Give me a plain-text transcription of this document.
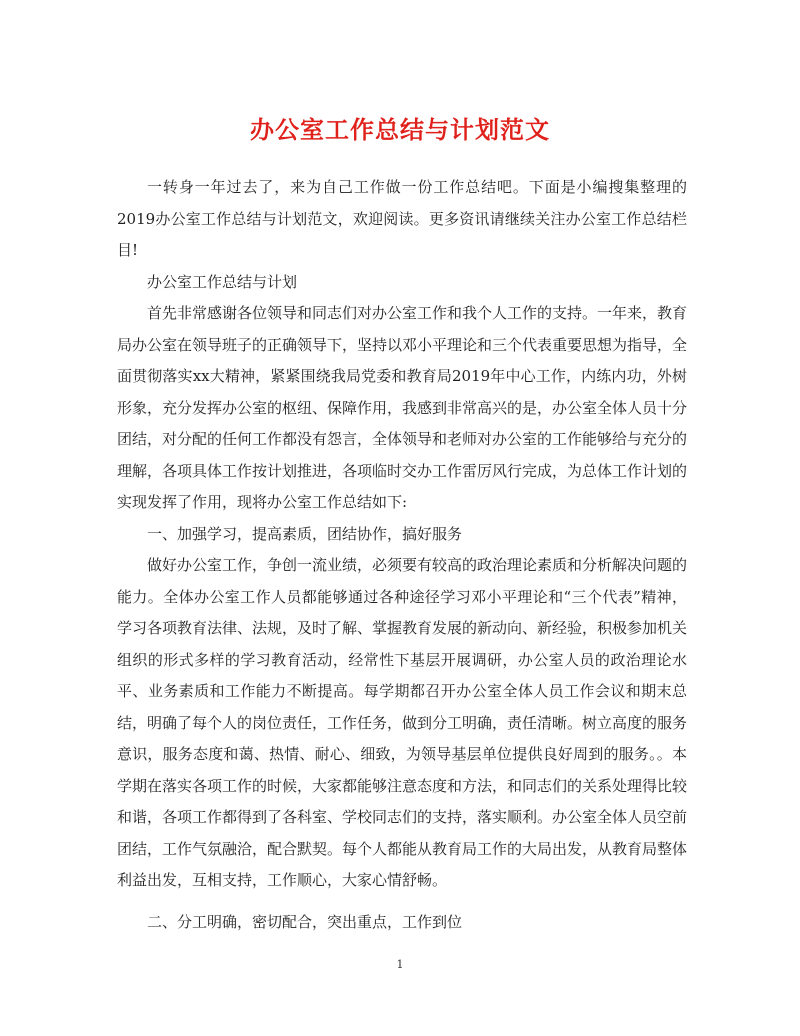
办公室工作总结与计划范文

一转身一年过去了，来为自己工作做一份工作总结吧。下面是小编搜集整理的2019办公室工作总结与计划范文，欢迎阅读。更多资讯请继续关注办公室工作总结栏目!

办公室工作总结与计划

首先非常感谢各位领导和同志们对办公室工作和我个人工作的支持。一年来，教育局办公室在领导班子的正确领导下，坚持以邓小平理论和三个代表重要思想为指导，全面贯彻落实xx大精神，紧紧围绕我局党委和教育局2019年中心工作，内练内功，外树形象，充分发挥办公室的枢纽、保障作用，我感到非常高兴的是，办公室全体人员十分团结，对分配的任何工作都没有怨言，全体领导和老师对办公室的工作能够给与充分的理解，各项具体工作按计划推进，各项临时交办工作雷厉风行完成，为总体工作计划的实现发挥了作用，现将办公室工作总结如下:

一、加强学习，提高素质，团结协作，搞好服务

做好办公室工作，争创一流业绩，必须要有较高的政治理论素质和分析解决问题的能力。全体办公室工作人员都能够通过各种途径学习邓小平理论和“三个代表”精神，学习各项教育法律、法规，及时了解、掌握教育发展的新动向、新经验，积极参加机关组织的形式多样的学习教育活动，经常性下基层开展调研，办公室人员的政治理论水平、业务素质和工作能力不断提高。每学期都召开办公室全体人员工作会议和期末总结，明确了每个人的岗位责任，工作任务，做到分工明确，责任清晰。树立高度的服务意识，服务态度和蔼、热情、耐心、细致，为领导基层单位提供良好周到的服务。。本学期在落实各项工作的时候，大家都能够注意态度和方法，和同志们的关系处理得比较和谐，各项工作都得到了各科室、学校同志们的支持，落实顺利。办公室全体人员空前团结，工作气氛融洽，配合默契。每个人都能从教育局工作的大局出发，从教育局整体利益出发，互相支持，工作顺心，大家心情舒畅。

二、分工明确，密切配合，突出重点，工作到位

1
